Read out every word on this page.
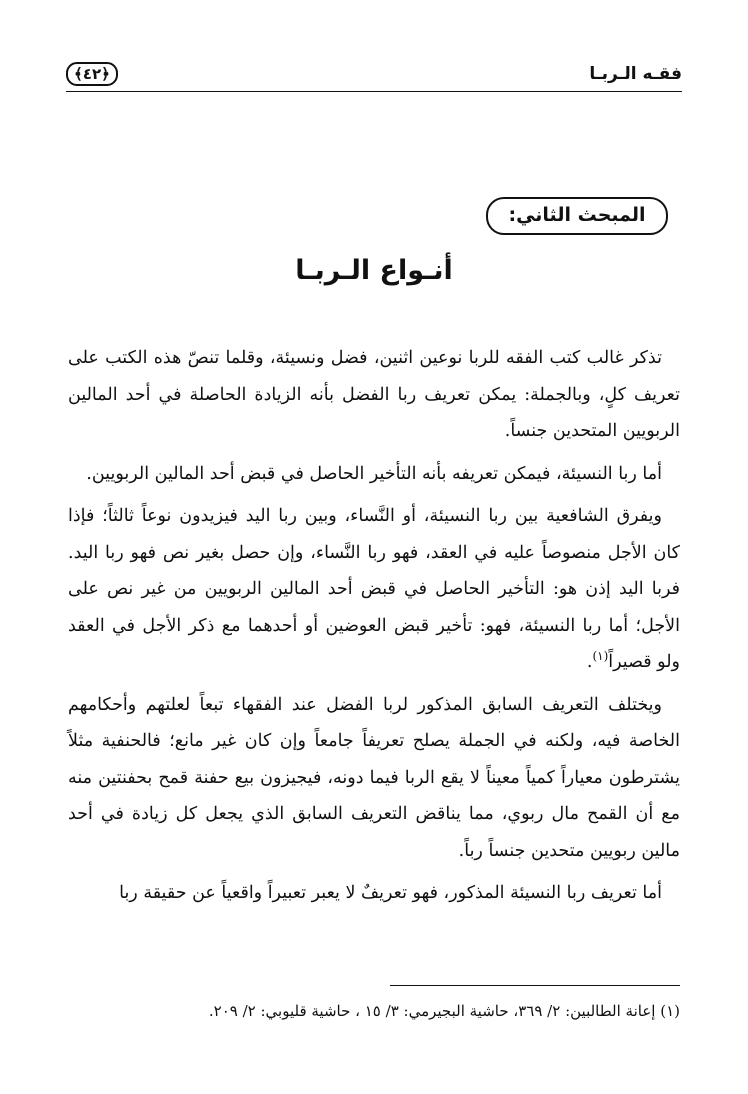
فقـه الـربـا
﴿٤٢﴾
المبحث الثاني:
أنـواع الـربـا

تذكر غالب كتب الفقه للربا نوعين اثنين، فضل ونسيئة، وقلما تنصّ هذه الكتب على تعريف كلٍ، وبالجملة: يمكن تعريف ربا الفضل بأنه الزيادة الحاصلة في أحد المالين الربويين المتحدين جنساً.

أما ربا النسيئة، فيمكن تعريفه بأنه التأخير الحاصل في قبض أحد المالين الربويين.

ويفرق الشافعية بين ربا النسيئة، أو النَّساء، وبين ربا اليد فيزيدون نوعاً ثالثاً؛ فإذا كان الأجل منصوصاً عليه في العقد، فهو ربا النَّساء، وإن حصل بغير نص فهو ربا اليد. فربا اليد إذن هو: التأخير الحاصل في قبض أحد المالين الربويين من غير نص على الأجل؛ أما ربا النسيئة، فهو: تأخير قبض العوضين أو أحدهما مع ذكر الأجل في العقد ولو قصيراً$^{(١)}$.

ويختلف التعريف السابق المذكور لربا الفضل عند الفقهاء تبعاً لعلتهم وأحكامهم الخاصة فيه، ولكنه في الجملة يصلح تعريفاً جامعاً وإن كان غير مانع؛ فالحنفية مثلاً يشترطون معياراً كمياً معيناً لا يقع الربا فيما دونه، فيجيزون بيع حفنة قمح بحفنتين منه مع أن القمح مال ربوي، مما يناقض التعريف السابق الذي يجعل كل زيادة في أحد مالين ربويين متحدين جنساً رباً.

أما تعريف ربا النسيئة المذكور، فهو تعريفٌ لا يعبر تعبيراً واقعياً عن حقيقة ربا

(١) إعانة الطالبين: ٢/ ٣٦٩، حاشية البجيرمي: ٣/ ١٥ ، حاشية قليوبي: ٢/ ٢٠٩.
